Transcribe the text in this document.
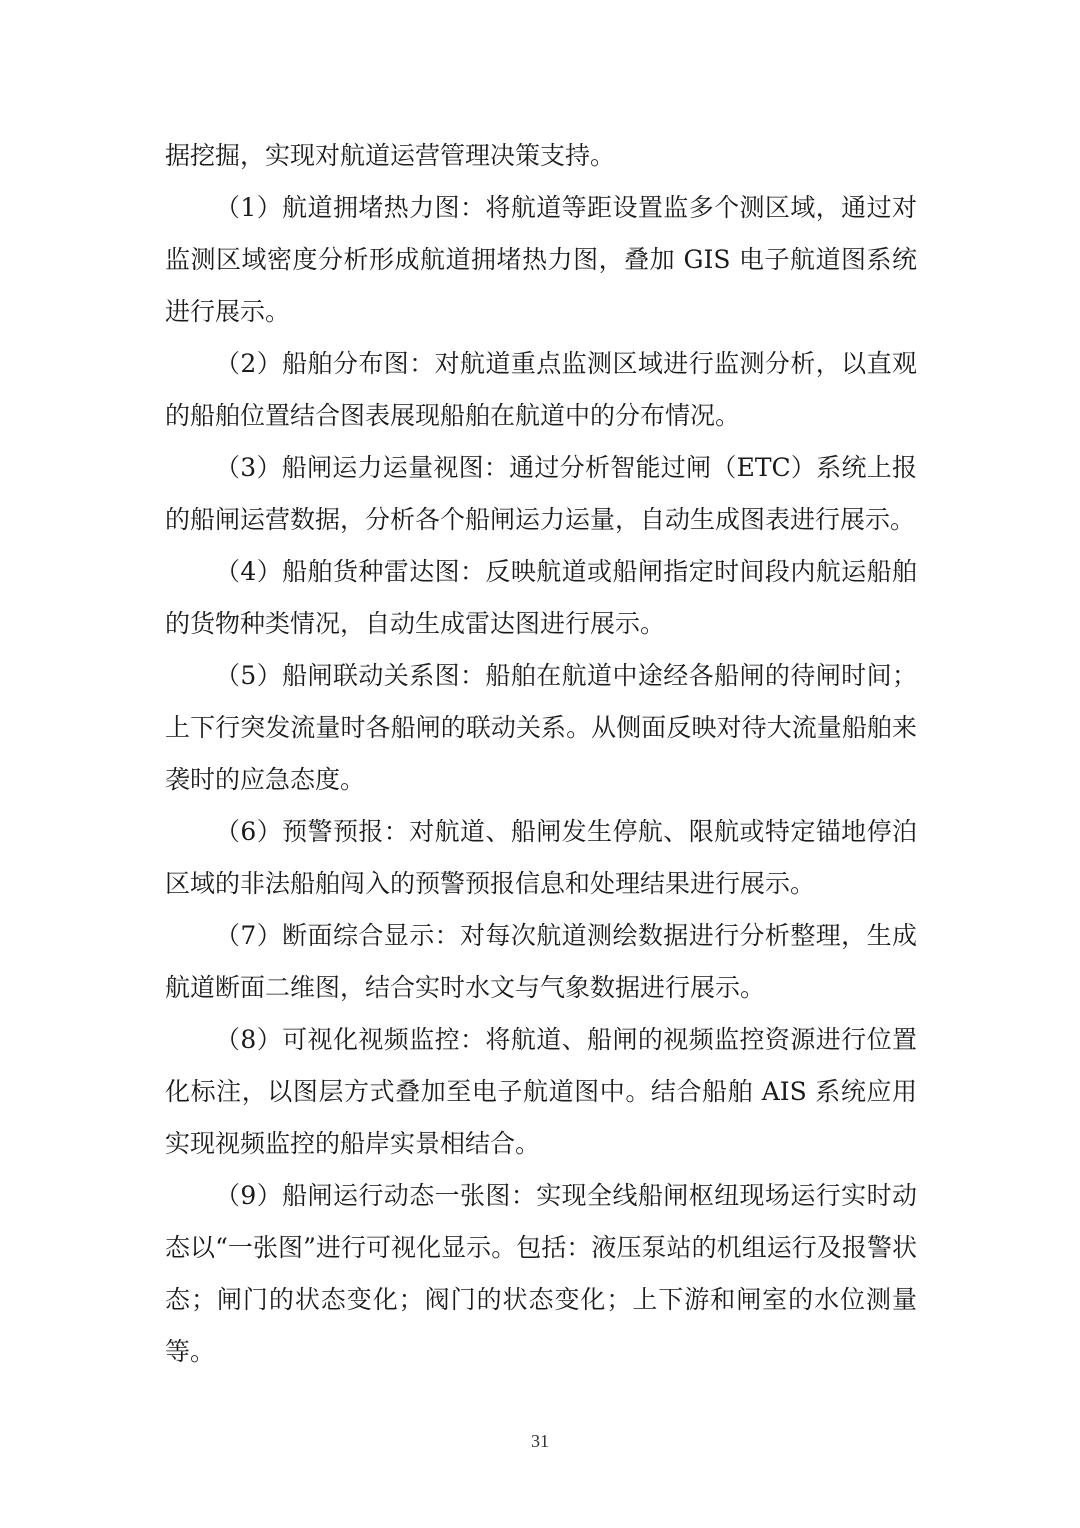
据挖掘，实现对航道运营管理决策支持。

（1）航道拥堵热力图：将航道等距设置监多个测区域，通过对监测区域密度分析形成航道拥堵热力图，叠加 GIS 电子航道图系统进行展示。

（2）船舶分布图：对航道重点监测区域进行监测分析，以直观的船舶位置结合图表展现船舶在航道中的分布情况。

（3）船闸运力运量视图：通过分析智能过闸（ETC）系统上报的船闸运营数据，分析各个船闸运力运量，自动生成图表进行展示。

（4）船舶货种雷达图：反映航道或船闸指定时间段内航运船舶的货物种类情况，自动生成雷达图进行展示。

（5）船闸联动关系图：船舶在航道中途经各船闸的待闸时间；上下行突发流量时各船闸的联动关系。从侧面反映对待大流量船舶来袭时的应急态度。

（6）预警预报：对航道、船闸发生停航、限航或特定锚地停泊区域的非法船舶闯入的预警预报信息和处理结果进行展示。

（7）断面综合显示：对每次航道测绘数据进行分析整理，生成航道断面二维图，结合实时水文与气象数据进行展示。

（8）可视化视频监控：将航道、船闸的视频监控资源进行位置化标注，以图层方式叠加至电子航道图中。结合船舶 AIS 系统应用实现视频监控的船岸实景相结合。

（9）船闸运行动态一张图：实现全线船闸枢纽现场运行实时动态以“一张图”进行可视化显示。包括：液压泵站的机组运行及报警状态；闸门的状态变化；阀门的状态变化；上下游和闸室的水位测量等。

31
